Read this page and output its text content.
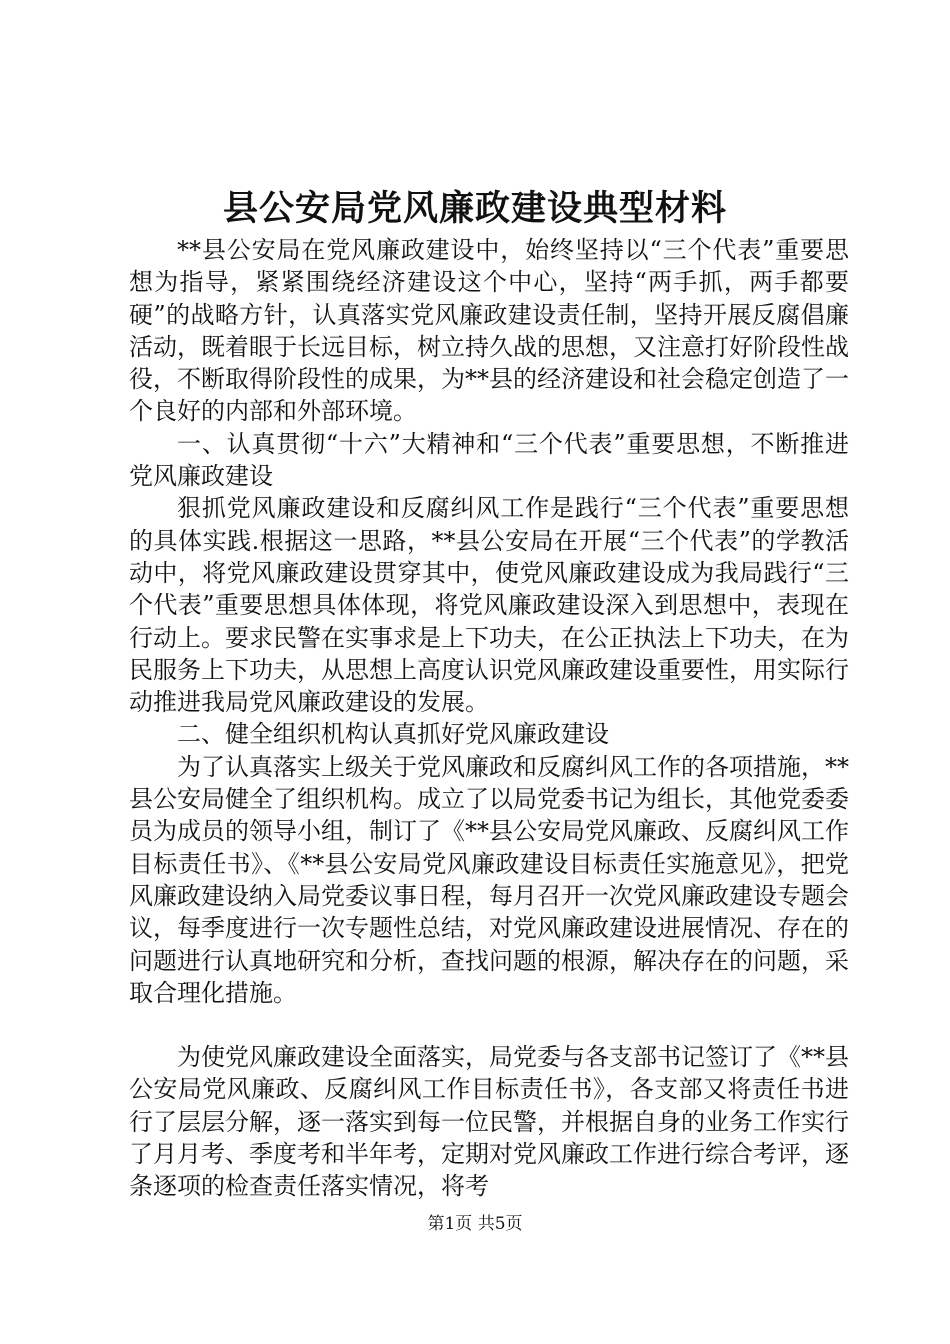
县公安局党风廉政建设典型材料

**县公安局在党风廉政建设中，始终坚持以“三个代表”重要思想为指导，紧紧围绕经济建设这个中心，坚持“两手抓，两手都要硬”的战略方针，认真落实党风廉政建设责任制，坚持开展反腐倡廉活动，既着眼于长远目标，树立持久战的思想，又注意打好阶段性战役，不断取得阶段性的成果，为**县的经济建设和社会稳定创造了一个良好的内部和外部环境。

一、认真贯彻“十六”大精神和“三个代表”重要思想，不断推进党风廉政建设

狠抓党风廉政建设和反腐纠风工作是践行“三个代表”重要思想的具体实践.根据这一思路，**县公安局在开展“三个代表”的学教活动中，将党风廉政建设贯穿其中，使党风廉政建设成为我局践行“三个代表”重要思想具体体现，将党风廉政建设深入到思想中，表现在行动上。要求民警在实事求是上下功夫，在公正执法上下功夫，在为民服务上下功夫，从思想上高度认识党风廉政建设重要性，用实际行动推进我局党风廉政建设的发展。

二、健全组织机构认真抓好党风廉政建设

为了认真落实上级关于党风廉政和反腐纠风工作的各项措施，**县公安局健全了组织机构。成立了以局党委书记为组长，其他党委委员为成员的领导小组，制订了《**县公安局党风廉政、反腐纠风工作目标责任书》、《**县公安局党风廉政建设目标责任实施意见》，把党风廉政建设纳入局党委议事日程，每月召开一次党风廉政建设专题会议，每季度进行一次专题性总结，对党风廉政建设进展情况、存在的问题进行认真地研究和分析，查找问题的根源，解决存在的问题，采取合理化措施。

为使党风廉政建设全面落实，局党委与各支部书记签订了《**县公安局党风廉政、反腐纠风工作目标责任书》，各支部又将责任书进行了层层分解，逐一落实到每一位民警，并根据自身的业务工作实行了月月考、季度考和半年考，定期对党风廉政工作进行综合考评，逐条逐项的检查责任落实情况，将考

第1页 共5页
